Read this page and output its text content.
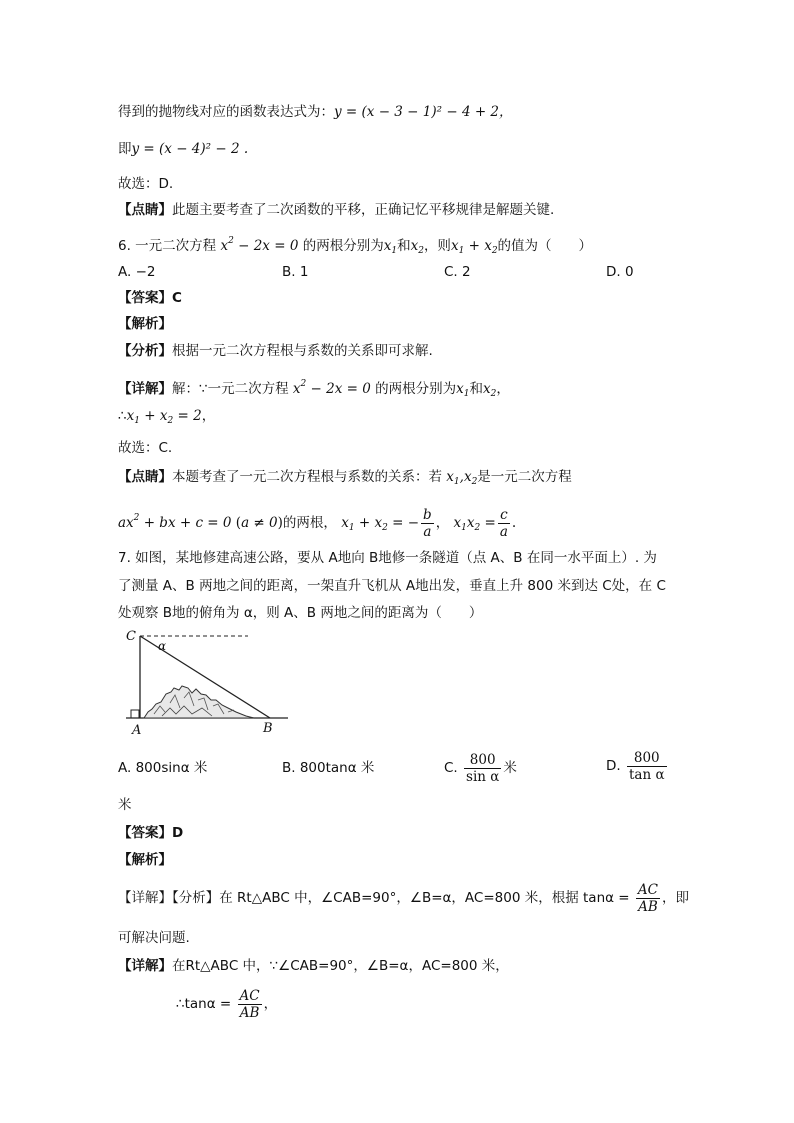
得到的抛物线对应的函数表达式为：y = (x − 3 − 1)² − 4 + 2，
即y = (x − 4)² − 2 .
故选：D.
【点睛】此题主要考查了二次函数的平移，正确记忆平移规律是解题关键.
6. 一元二次方程 $x^2 - 2x = 0$ 的两根分别为$x_1$和$x_2$，则$x_1 + x_2$的值为（　　）
A. −2	B. 1	C. 2	D. 0
【答案】C
【解析】
【分析】根据一元二次方程根与系数的关系即可求解.
【详解】解：∵一元二次方程 $x^2 - 2x = 0$ 的两根分别为$x_1$和$x_2$，
$\therefore x_1 + x_2 = 2$，
故选：C.
【点睛】本题考查了一元二次方程根与系数的关系：若 $x_1,x_2$是一元二次方程
$ax^2$ + bx + c = 0 (a ≠ 0)的两根， $x_1 + x_2$ = − $\frac{b}{a}$ ， $x_1x_2 = \frac{c}{a}$ .
7. 如图，某地修建高速公路，要从 A地向 B地修一条隧道（点 A、B 在同一水平面上）. 为
了测量 A、B 两地之间的距离，一架直升飞机从 A地出发，垂直上升 800 米到达 C处，在 C
处观察 B地的俯角为 α，则 A、B 两地之间的距离为（　　）
C
α
A	B
A. 800sinα 米	B. 800tanα 米	C. $\frac{800}{\text{sin α}}$ 米	D. $\frac{800}{\text{tan α}}$
米
【答案】D
【解析】
【详解】【分析】在 Rt△ABC 中，∠CAB=90°，∠B=α，AC=800 米，根据 $\tan\alpha = \frac{AC}{AB}$ ，即
可解决问题.
【详解】在Rt△ABC 中，∵∠CAB=90°，∠B=α，AC=800 米，
∴tanα = $\frac{AC}{AB}$ ，
